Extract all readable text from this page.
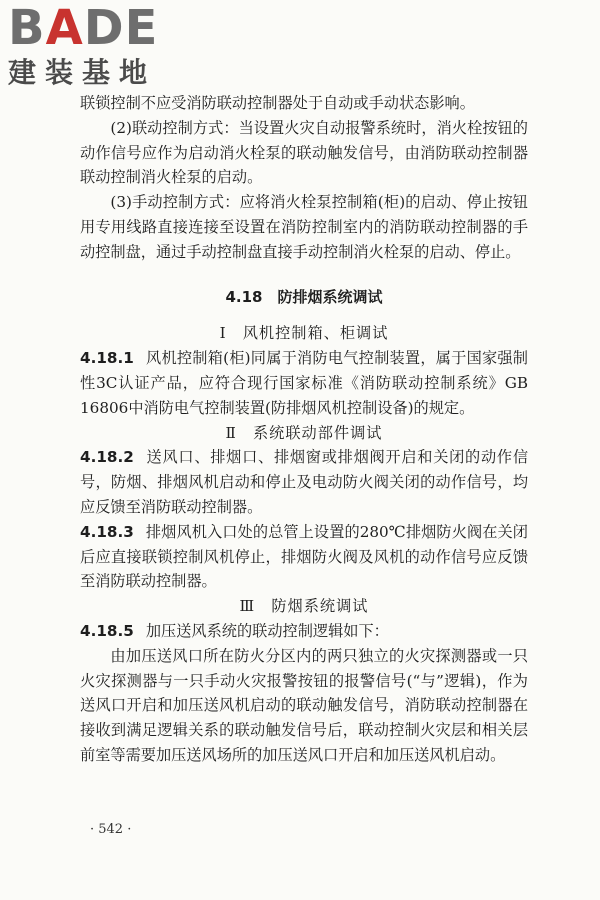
BADE
建装基地

联锁控制不应受消防联动控制器处于自动或手动状态影响。

(2)联动控制方式：当设置火灾自动报警系统时，消火栓按钮的动作信号应作为启动消火栓泵的联动触发信号，由消防联动控制器联动控制消火栓泵的启动。

(3)手动控制方式：应将消火栓泵控制箱(柜)的启动、停止按钮用专用线路直接连接至设置在消防控制室内的消防联动控制器的手动控制盘，通过手动控制盘直接手动控制消火栓泵的启动、停止。

4.18　防排烟系统调试

Ⅰ　风机控制箱、柜调试

4.18.1 风机控制箱(柜)同属于消防电气控制装置，属于国家强制性3C认证产品，应符合现行国家标准《消防联动控制系统》GB 16806中消防电气控制装置(防排烟风机控制设备)的规定。

Ⅱ　系统联动部件调试

4.18.2 送风口、排烟口、排烟窗或排烟阀开启和关闭的动作信号，防烟、排烟风机启动和停止及电动防火阀关闭的动作信号，均应反馈至消防联动控制器。

4.18.3 排烟风机入口处的总管上设置的280℃排烟防火阀在关闭后应直接联锁控制风机停止，排烟防火阀及风机的动作信号应反馈至消防联动控制器。

Ⅲ　防烟系统调试

4.18.5 加压送风系统的联动控制逻辑如下：

由加压送风口所在防火分区内的两只独立的火灾探测器或一只火灾探测器与一只手动火灾报警按钮的报警信号(“与”逻辑)，作为送风口开启和加压送风机启动的联动触发信号，消防联动控制器在接收到满足逻辑关系的联动触发信号后，联动控制火灾层和相关层前室等需要加压送风场所的加压送风口开启和加压送风机启动。

· 542 ·
